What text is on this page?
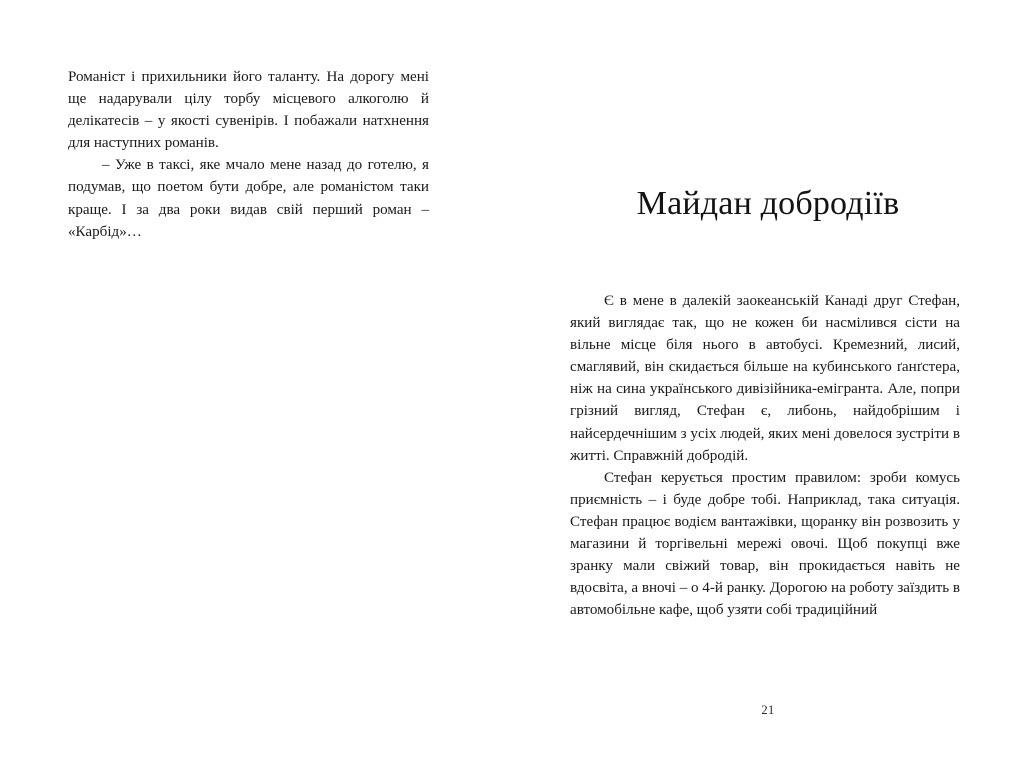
Романіст і прихильники його таланту. На дорогу мені ще надарували цілу торбу місцевого алкоголю й делікатесів – у якості сувенірів. І побажали натхнення для наступних романів.

– Уже в таксі, яке мчало мене назад до готелю, я подумав, що поетом бути добре, але романістом таки краще. І за два роки видав свій перший роман – «Карбід»…

Майдан добродіїв

Є в мене в далекій заокеанській Канаді друг Стефан, який виглядає так, що не кожен би насмілився сісти на вільне місце біля нього в автобусі. Кремезний, лисий, смаглявий, він скидається більше на кубинського ґанґстера, ніж на сина українського дивізійника-емігранта. Але, попри грізний вигляд, Стефан є, либонь, найдобрішим і найсердечнішим з усіх людей, яких мені довелося зустріти в житті. Справжній добродій.

Стефан керується простим правилом: зроби комусь приємність – і буде добре тобі. Наприклад, така ситуація. Стефан працює водієм вантажівки, щоранку він розвозить у магазини й торгівельні мережі овочі. Щоб покупці вже зранку мали свіжий товар, він прокидається навіть не вдосвіта, а вночі – о 4-й ранку. Дорогою на роботу заїздить в автомобільне кафе, щоб узяти собі традиційний

21
